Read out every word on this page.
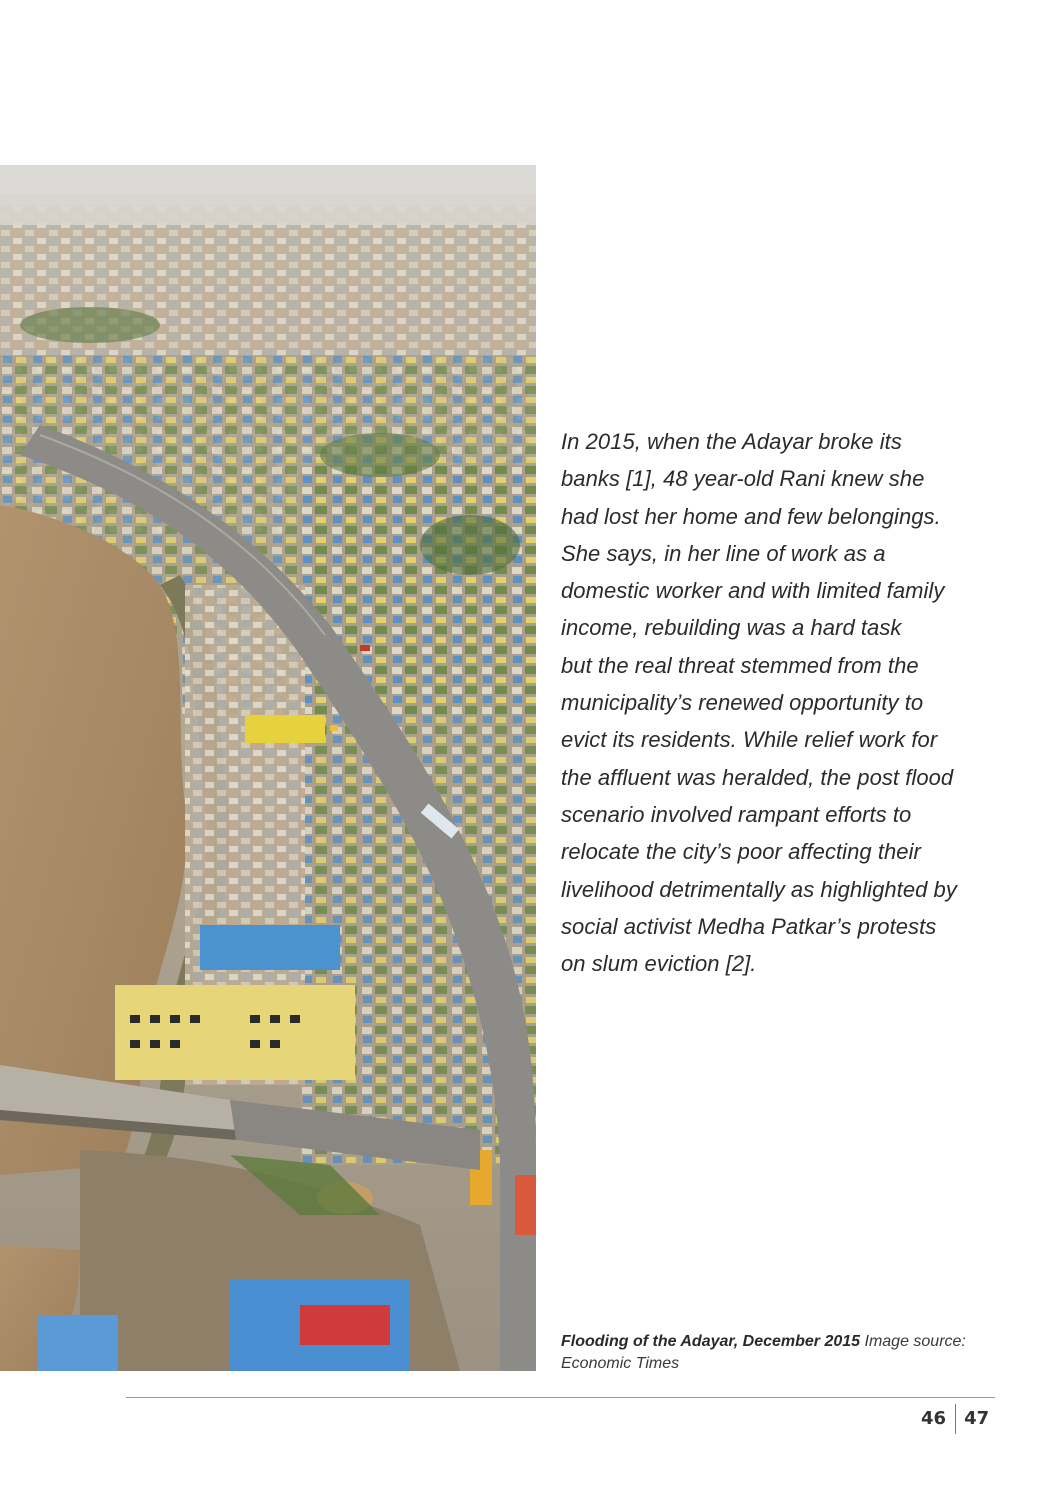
In 2015, when the Adayar broke its
banks [1], 48 year-old Rani knew she
had lost her home and few belongings.
She says, in her line of work as a
domestic worker and with limited family
income, rebuilding was a hard task
but the real threat stemmed from the
municipality’s renewed opportunity to
evict its residents. While relief work for
the affluent was heralded, the post flood
scenario involved rampant efforts to
relocate the city’s poor affecting their
livelihood detrimentally as highlighted by
social activist Medha Patkar’s protests
on slum eviction [2].

Flooding of the Adayar, December 2015 Image source:
Economic Times

46 47
